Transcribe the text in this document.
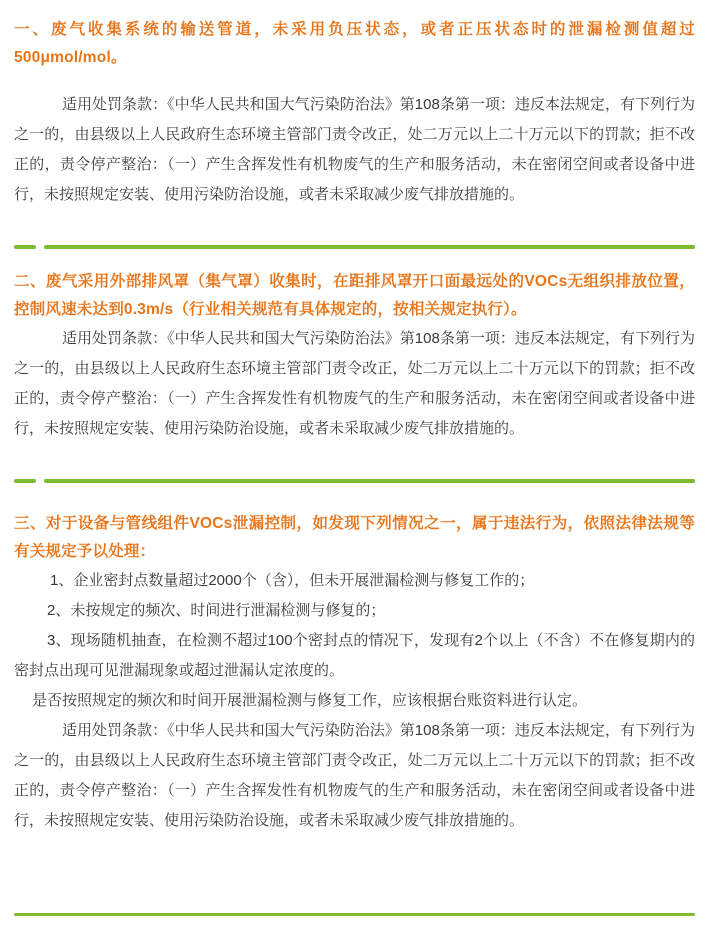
一、废气收集系统的输送管道，未采用负压状态，或者正压状态时的泄漏检测值超过500μmol/mol。

适用处罚条款：《中华人民共和国大气污染防治法》第108条第一项：违反本法规定，有下列行为之一的，由县级以上人民政府生态环境主管部门责令改正，处二万元以上二十万元以下的罚款；拒不改正的，责令停产整治：（一）产生含挥发性有机物废气的生产和服务活动，未在密闭空间或者设备中进行，未按照规定安装、使用污染防治设施，或者未采取减少废气排放措施的。

二、废气采用外部排风罩（集气罩）收集时，在距排风罩开口面最远处的VOCs无组织排放位置，控制风速未达到0.3m/s（行业相关规范有具体规定的，按相关规定执行）。

适用处罚条款：《中华人民共和国大气污染防治法》第108条第一项：违反本法规定，有下列行为之一的，由县级以上人民政府生态环境主管部门责令改正，处二万元以上二十万元以下的罚款；拒不改正的，责令停产整治：（一）产生含挥发性有机物废气的生产和服务活动，未在密闭空间或者设备中进行，未按照规定安装、使用污染防治设施，或者未采取减少废气排放措施的。

三、对于设备与管线组件VOCs泄漏控制，如发现下列情况之一，属于违法行为，依照法律法规等有关规定予以处理：

1、企业密封点数量超过2000个（含），但未开展泄漏检测与修复工作的；

2、未按规定的频次、时间进行泄漏检测与修复的；

3、现场随机抽查，在检测不超过100个密封点的情况下，发现有2个以上（不含）不在修复期内的密封点出现可见泄漏现象或超过泄漏认定浓度的。

是否按照规定的频次和时间开展泄漏检测与修复工作，应该根据台账资料进行认定。

适用处罚条款：《中华人民共和国大气污染防治法》第108条第一项：违反本法规定，有下列行为之一的，由县级以上人民政府生态环境主管部门责令改正，处二万元以上二十万元以下的罚款；拒不改正的，责令停产整治：（一）产生含挥发性有机物废气的生产和服务活动，未在密闭空间或者设备中进行，未按照规定安装、使用污染防治设施，或者未采取减少废气排放措施的。
